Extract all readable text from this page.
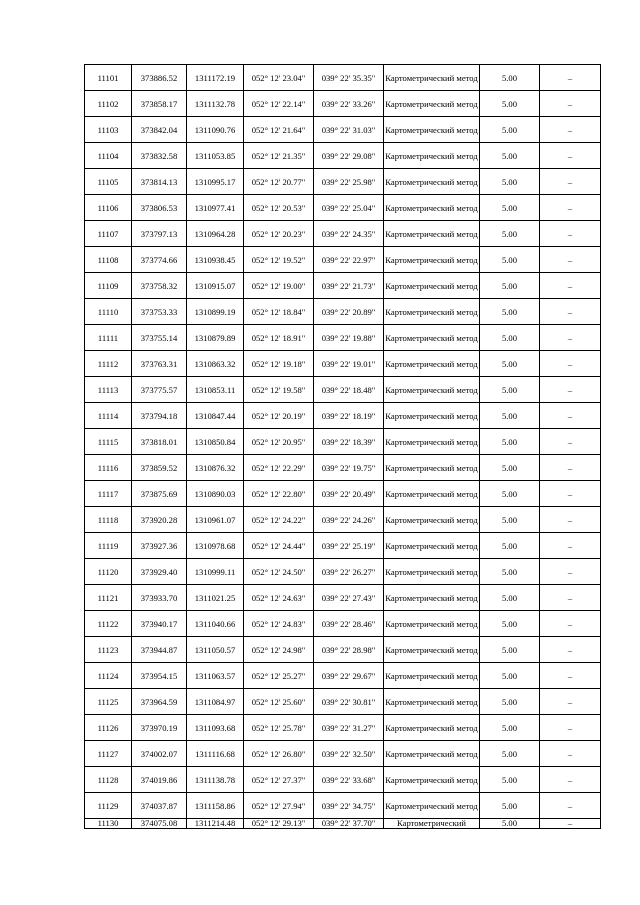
11101	373886.52	1311172.19	052° 12' 23.04"	039° 22' 35.35"	Картометрический метод	5.00	–
11102	373858.17	1311132.78	052° 12' 22.14"	039° 22' 33.26"	Картометрический метод	5.00	–
11103	373842.04	1311090.76	052° 12' 21.64"	039° 22' 31.03"	Картометрический метод	5.00	–
11104	373832.58	1311053.85	052° 12' 21.35"	039° 22' 29.08"	Картометрический метод	5.00	–
11105	373814.13	1310995.17	052° 12' 20.77"	039° 22' 25.98"	Картометрический метод	5.00	–
11106	373806.53	1310977.41	052° 12' 20.53"	039° 22' 25.04"	Картометрический метод	5.00	–
11107	373797.13	1310964.28	052° 12' 20.23"	039° 22' 24.35"	Картометрический метод	5.00	–
11108	373774.66	1310938.45	052° 12' 19.52"	039° 22' 22.97"	Картометрический метод	5.00	–
11109	373758.32	1310915.07	052° 12' 19.00"	039° 22' 21.73"	Картометрический метод	5.00	–
11110	373753.33	1310899.19	052° 12' 18.84"	039° 22' 20.89"	Картометрический метод	5.00	–
11111	373755.14	1310879.89	052° 12' 18.91"	039° 22' 19.88"	Картометрический метод	5.00	–
11112	373763.31	1310863.32	052° 12' 19.18"	039° 22' 19.01"	Картометрический метод	5.00	–
11113	373775.57	1310853.11	052° 12' 19.58"	039° 22' 18.48"	Картометрический метод	5.00	–
11114	373794.18	1310847.44	052° 12' 20.19"	039° 22' 18.19"	Картометрический метод	5.00	–
11115	373818.01	1310850.84	052° 12' 20.95"	039° 22' 18.39"	Картометрический метод	5.00	–
11116	373859.52	1310876.32	052° 12' 22.29"	039° 22' 19.75"	Картометрический метод	5.00	–
11117	373875.69	1310890.03	052° 12' 22.80"	039° 22' 20.49"	Картометрический метод	5.00	–
11118	373920.28	1310961.07	052° 12' 24.22"	039° 22' 24.26"	Картометрический метод	5.00	–
11119	373927.36	1310978.68	052° 12' 24.44"	039° 22' 25.19"	Картометрический метод	5.00	–
11120	373929.40	1310999.11	052° 12' 24.50"	039° 22' 26.27"	Картометрический метод	5.00	–
11121	373933.70	1311021.25	052° 12' 24.63"	039° 22' 27.43"	Картометрический метод	5.00	–
11122	373940.17	1311040.66	052° 12' 24.83"	039° 22' 28.46"	Картометрический метод	5.00	–
11123	373944.87	1311050.57	052° 12' 24.98"	039° 22' 28.98"	Картометрический метод	5.00	–
11124	373954.15	1311063.57	052° 12' 25.27"	039° 22' 29.67"	Картометрический метод	5.00	–
11125	373964.59	1311084.97	052° 12' 25.60"	039° 22' 30.81"	Картометрический метод	5.00	–
11126	373970.19	1311093.68	052° 12' 25.78"	039° 22' 31.27"	Картометрический метод	5.00	–
11127	374002.07	1311116.68	052° 12' 26.80"	039° 22' 32.50"	Картометрический метод	5.00	–
11128	374019.86	1311138.78	052° 12' 27.37"	039° 22' 33.68"	Картометрический метод	5.00	–
11129	374037.87	1311158.86	052° 12' 27.94"	039° 22' 34.75"	Картометрический метод	5.00	–
11130	374075.08	1311214.48	052° 12' 29.13"	039° 22' 37.70"	Картометрический	5.00	–
